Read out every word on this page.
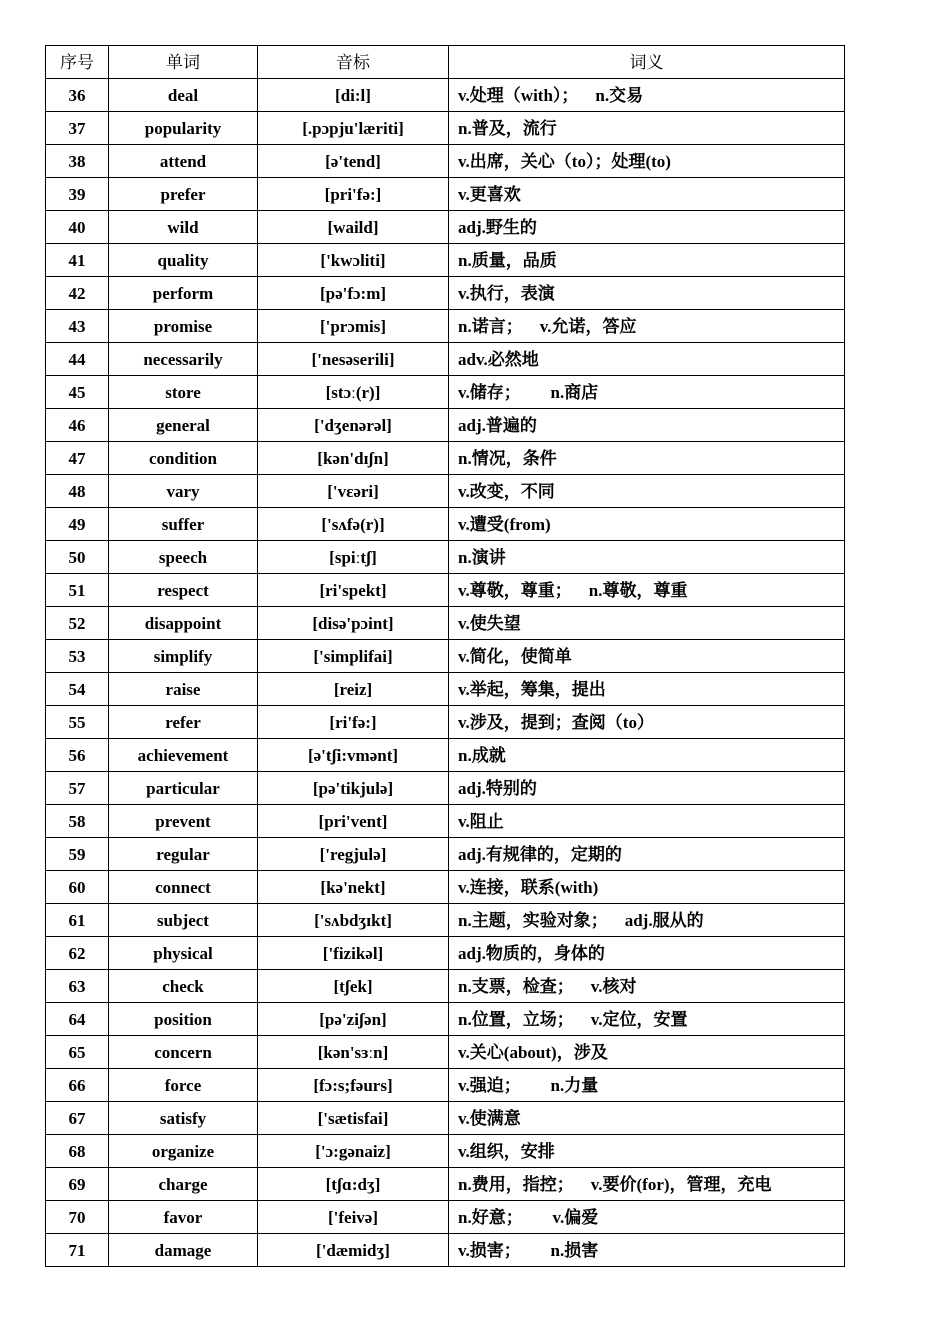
序号	单词	音标	词义
36	deal	[di:l]	v.处理（with）；    n.交易
37	popularity	[.pɔpju'læriti]	n.普及，流行
38	attend	[ə'tend]	v.出席，关心（to）；处理(to)
39	prefer	[pri'fə:]	v.更喜欢
40	wild	[waild]	adj.野生的
41	quality	['kwɔliti]	n.质量，品质
42	perform	[pə'fɔ:m]	v.执行，表演
43	promise	['prɔmis]	n.诺言；    v.允诺，答应
44	necessarily	['nesəserili]	adv.必然地
45	store	[stɔː(r)]	v.储存；       n.商店
46	general	['dʒenərəl]	adj.普遍的
47	condition	[kən'dɪʃn]	n.情况，条件
48	vary	['vɛəri]	v.改变，不同
49	suffer	['sʌfə(r)]	v.遭受(from)
50	speech	[spiːtʃ]	n.演讲
51	respect	[ri'spekt]	v.尊敬，尊重；    n.尊敬，尊重
52	disappoint	[disə'pɔint]	v.使失望
53	simplify	['simplifai]	v.简化，使简单
54	raise	[reiz]	v.举起，筹集，提出
55	refer	[ri'fə:]	v.涉及，提到；查阅（to）
56	achievement	[ə'tʃi:vmənt]	n.成就
57	particular	[pə'tikjulə]	adj.特别的
58	prevent	[pri'vent]	v.阻止
59	regular	['regjulə]	adj.有规律的，定期的
60	connect	[kə'nekt]	v.连接，联系(with)
61	subject	['sʌbdʒɪkt]	n.主题，实验对象；    adj.服从的
62	physical	['fizikəl]	adj.物质的，身体的
63	check	[tʃek]	n.支票，检查；    v.核对
64	position	[pə'ziʃən]	n.位置，立场；    v.定位，安置
65	concern	[kən'sɜːn]	v.关心(about)，涉及
66	force	[fɔ:s;fəurs]	v.强迫；       n.力量
67	satisfy	['sætisfai]	v.使满意
68	organize	['ɔ:gənaiz]	v.组织，安排
69	charge	[tʃɑ:dʒ]	n.费用，指控；    v.要价(for)，管理，充电
70	favor	['feivə]	n.好意；       v.偏爱
71	damage	['dæmidʒ]	v.损害；       n.损害
